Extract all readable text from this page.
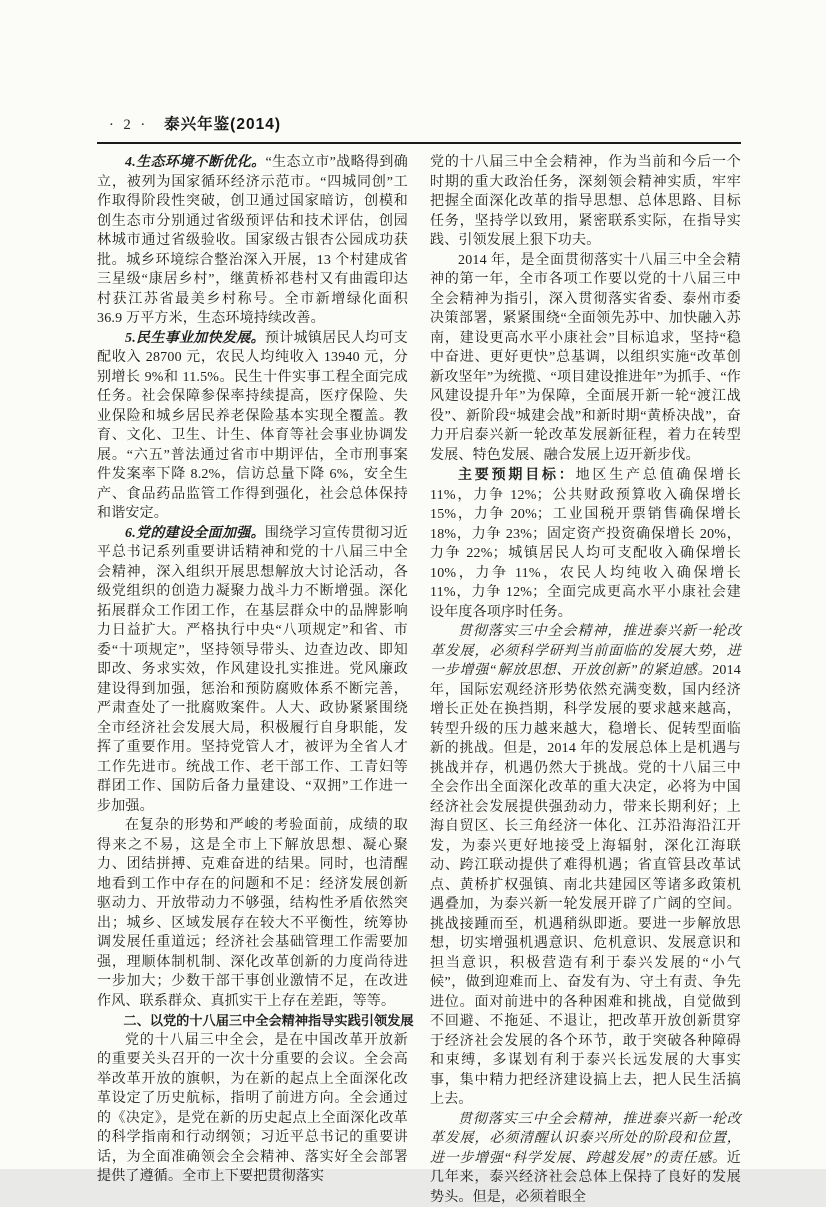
· 2 · 泰兴年鉴(2014)

4.生态环境不断优化。“生态立市”战略得到确立，被列为国家循环经济示范市。“四城同创”工作取得阶段性突破，创卫通过国家暗访，创模和创生态市分别通过省级预评估和技术评估，创园林城市通过省级验收。国家级古银杏公园成功获批。城乡环境综合整治深入开展，13 个村建成省三星级“康居乡村”，继黄桥祁巷村又有曲霞印达村获江苏省最美乡村称号。全市新增绿化面积 36.9 万平方米，生态环境持续改善。

5.民生事业加快发展。预计城镇居民人均可支配收入 28700 元，农民人均纯收入 13940 元，分别增长 9%和 11.5%。民生十件实事工程全面完成任务。社会保障参保率持续提高，医疗保险、失业保险和城乡居民养老保险基本实现全覆盖。教育、文化、卫生、计生、体育等社会事业协调发展。“六五”普法通过省市中期评估，全市刑事案件发案率下降 8.2%，信访总量下降 6%，安全生产、食品药品监管工作得到强化，社会总体保持和谐安定。

6.党的建设全面加强。围绕学习宣传贯彻习近平总书记系列重要讲话精神和党的十八届三中全会精神，深入组织开展思想解放大讨论活动，各级党组织的创造力凝聚力战斗力不断增强。深化拓展群众工作团工作，在基层群众中的品牌影响力日益扩大。严格执行中央“八项规定”和省、市委“十项规定”，坚持领导带头、边查边改、即知即改、务求实效，作风建设扎实推进。党风廉政建设得到加强，惩治和预防腐败体系不断完善，严肃查处了一批腐败案件。人大、政协紧紧围绕全市经济社会发展大局，积极履行自身职能，发挥了重要作用。坚持党管人才，被评为全省人才工作先进市。统战工作、老干部工作、工青妇等群团工作、国防后备力量建设、“双拥”工作进一步加强。

在复杂的形势和严峻的考验面前，成绩的取得来之不易，这是全市上下解放思想、凝心聚力、团结拼搏、克难奋进的结果。同时，也清醒地看到工作中存在的问题和不足：经济发展创新驱动力、开放带动力不够强，结构性矛盾依然突出；城乡、区域发展存在较大不平衡性，统筹协调发展任重道远；经济社会基础管理工作需要加强，理顺体制机制、深化改革创新的力度尚待进一步加大；少数干部干事创业激情不足，在改进作风、联系群众、真抓实干上存在差距，等等。

二、以党的十八届三中全会精神指导实践引领发展

党的十八届三中全会，是在中国改革开放新的重要关头召开的一次十分重要的会议。全会高举改革开放的旗帜，为在新的起点上全面深化改革设定了历史航标，指明了前进方向。全会通过的《决定》，是党在新的历史起点上全面深化改革的科学指南和行动纲领；习近平总书记的重要讲话，为全面准确领会全会精神、落实好全会部署提供了遵循。全市上下要把贯彻落实

党的十八届三中全会精神，作为当前和今后一个时期的重大政治任务，深刻领会精神实质，牢牢把握全面深化改革的指导思想、总体思路、目标任务，坚持学以致用，紧密联系实际，在指导实践、引领发展上狠下功夫。

2014 年，是全面贯彻落实十八届三中全会精神的第一年，全市各项工作要以党的十八届三中全会精神为指引，深入贯彻落实省委、泰州市委决策部署，紧紧围绕“全面领先苏中、加快融入苏南，建设更高水平小康社会”目标追求，坚持“稳中奋进、更好更快”总基调，以组织实施“改革创新攻坚年”为统揽、“项目建设推进年”为抓手、“作风建设提升年”为保障，全面展开新一轮“渡江战役”、新阶段“城建会战”和新时期“黄桥决战”，奋力开启泰兴新一轮改革发展新征程，着力在转型发展、特色发展、融合发展上迈开新步伐。

主要预期目标：地区生产总值确保增长 11%，力争 12%；公共财政预算收入确保增长 15%，力争 20%；工业国税开票销售确保增长 18%，力争 23%；固定资产投资确保增长 20%，力争 22%；城镇居民人均可支配收入确保增长 10%，力争 11%，农民人均纯收入确保增长 11%，力争 12%；全面完成更高水平小康社会建设年度各项序时任务。

贯彻落实三中全会精神，推进泰兴新一轮改革发展，必须科学研判当前面临的发展大势，进一步增强“解放思想、开放创新”的紧迫感。2014 年，国际宏观经济形势依然充满变数，国内经济增长正处在换挡期，科学发展的要求越来越高，转型升级的压力越来越大，稳增长、促转型面临新的挑战。但是，2014 年的发展总体上是机遇与挑战并存，机遇仍然大于挑战。党的十八届三中全会作出全面深化改革的重大决定，必将为中国经济社会发展提供强劲动力，带来长期利好；上海自贸区、长三角经济一体化、江苏沿海沿江开发，为泰兴更好地接受上海辐射，深化江海联动、跨江联动提供了难得机遇；省直管县改革试点、黄桥扩权强镇、南北共建园区等诸多政策机遇叠加，为泰兴新一轮发展开辟了广阔的空间。挑战接踵而至，机遇稍纵即逝。要进一步解放思想，切实增强机遇意识、危机意识、发展意识和担当意识，积极营造有利于泰兴发展的“小气候”，做到迎难而上、奋发有为、守土有责、争先进位。面对前进中的各种困难和挑战，自觉做到不回避、不拖延、不退让，把改革开放创新贯穿于经济社会发展的各个环节，敢于突破各种障碍和束缚，多谋划有利于泰兴长远发展的大事实事，集中精力把经济建设搞上去，把人民生活搞上去。

贯彻落实三中全会精神，推进泰兴新一轮改革发展，必须清醒认识泰兴所处的阶段和位置，进一步增强“科学发展、跨越发展”的责任感。近几年来，泰兴经济社会总体上保持了良好的发展势头。但是，必须着眼全
